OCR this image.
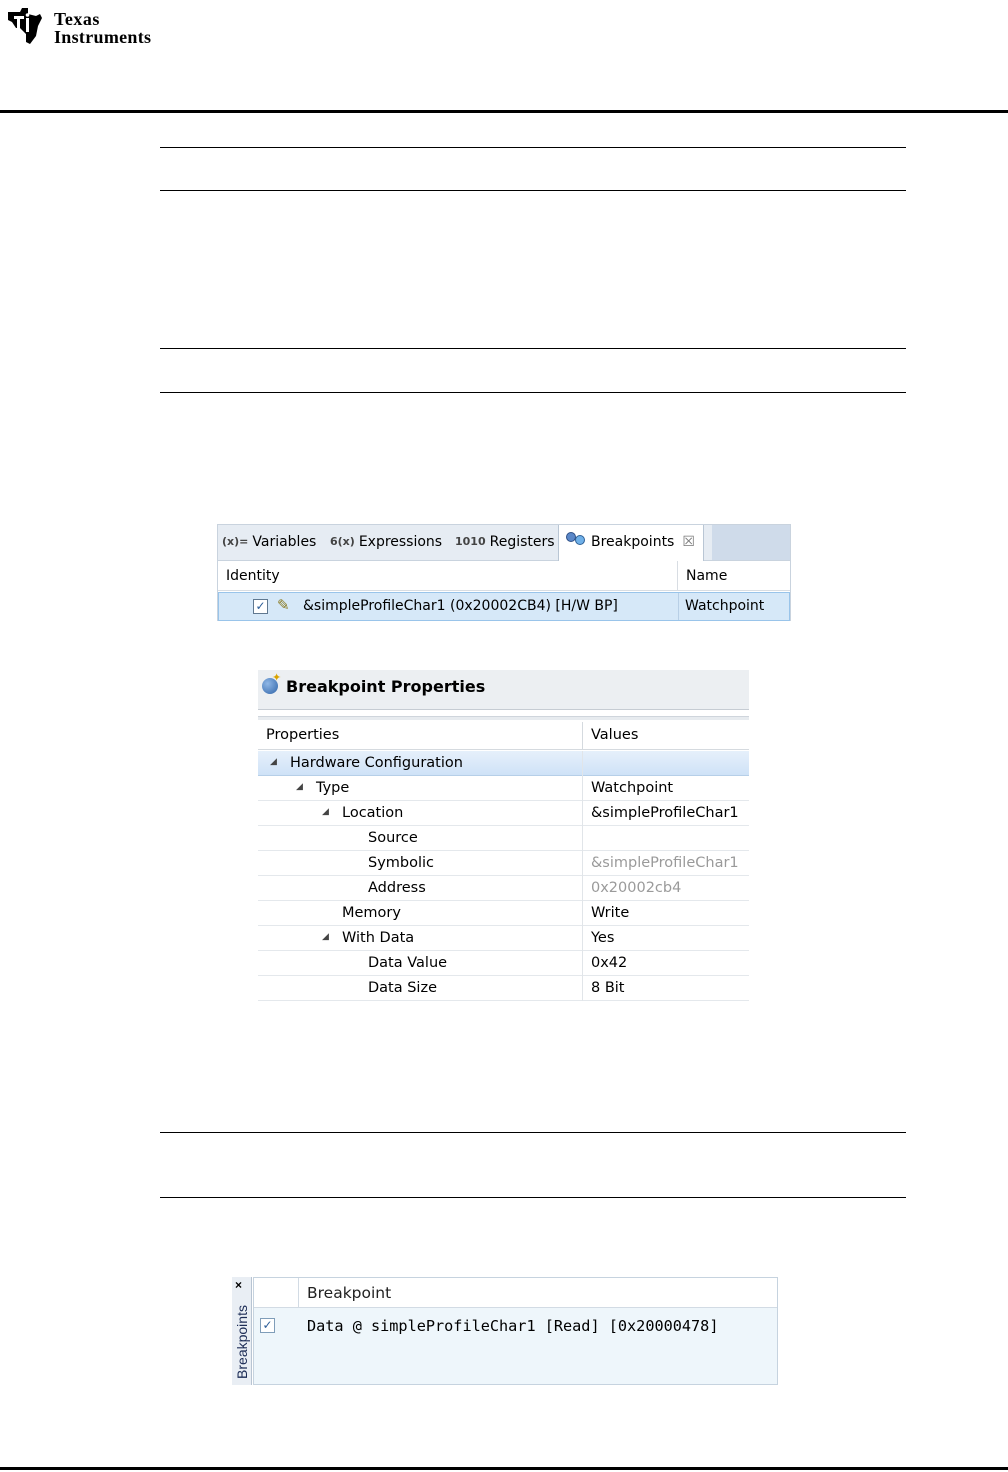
Texas
Instruments
(x)= Variables 6(x) Expressions 1010 Registers	Breakpoints ☒
Identity	Name
✓ ✎ &simpleProfileChar1 (0x20002CB4) [H/W BP]	Watchpoint
✦ Breakpoint Properties
Properties	Values
◢ Hardware Configuration
◢ Type	Watchpoint
◢ Location	&simpleProfileChar1
Source
Symbolic	&simpleProfileChar1
Address	0x20002cb4
Memory	Write
◢ With Data	Yes
Data Value	0x42
Data Size	8 Bit
×
Breakpoints
Breakpoint
✓ Data @ simpleProfileChar1 [Read] [0x20000478]
